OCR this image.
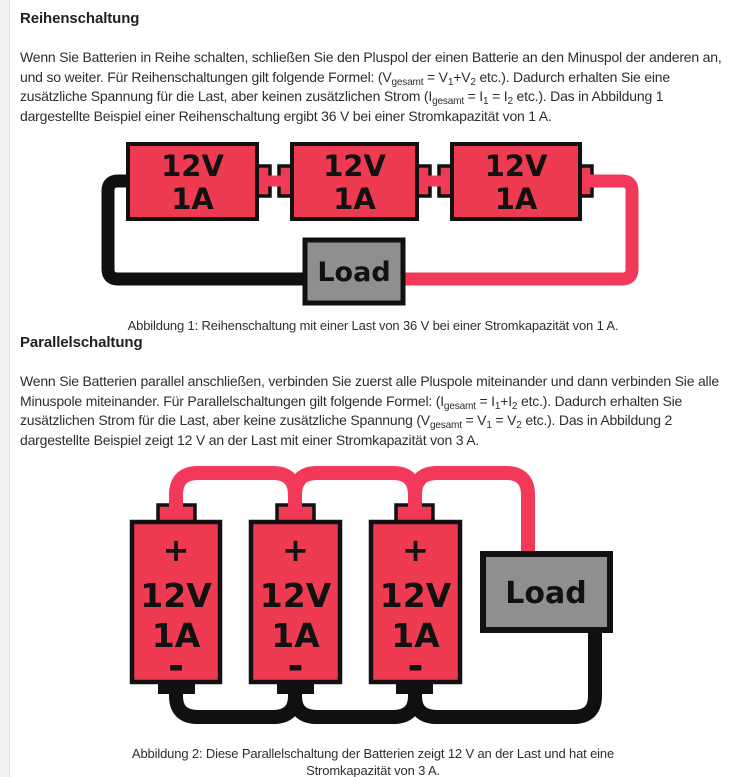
Reihenschaltung

Wenn Sie Batterien in Reihe schalten, schließen Sie den Pluspol der einen Batterie an den Minuspol der anderen an, und so weiter. Für Reihenschaltungen gilt folgende Formel: ($V_{gesamt} = V_1+V_2$ etc.). Dadurch erhalten Sie eine zusätzliche Spannung für die Last, aber keinen zusätzlichen Strom ($I_{gesamt} = I_1 = I_2$ etc.). Das in Abbildung 1 dargestellte Beispiel einer Reihenschaltung ergibt 36 V bei einer Stromkapazität von 1 A.

12V
1A
12V
1A
12V
1A
Load
Abbildung 1: Reihenschaltung mit einer Last von 36 V bei einer Stromkapazität von 1 A.
Parallelschaltung

Wenn Sie Batterien parallel anschließen, verbinden Sie zuerst alle Pluspole miteinander und dann verbinden Sie alle Minuspole miteinander. Für Parallelschaltungen gilt folgende Formel: ($I_{gesamt} = I_1+I_2$ etc.). Dadurch erhalten Sie zusätzlichen Strom für die Last, aber keine zusätzliche Spannung ($V_{gesamt} = V_1 = V_2$ etc.). Das in Abbildung 2 dargestellte Beispiel zeigt 12 V an der Last mit einer Stromkapazität von 3 A.

+
12V
1A
-
+
12V
1A
-
+
12V
1A
-
Load
Abbildung 2: Diese Parallelschaltung der Batterien zeigt 12 V an der Last und hat eine Stromkapazität von 3 A.
